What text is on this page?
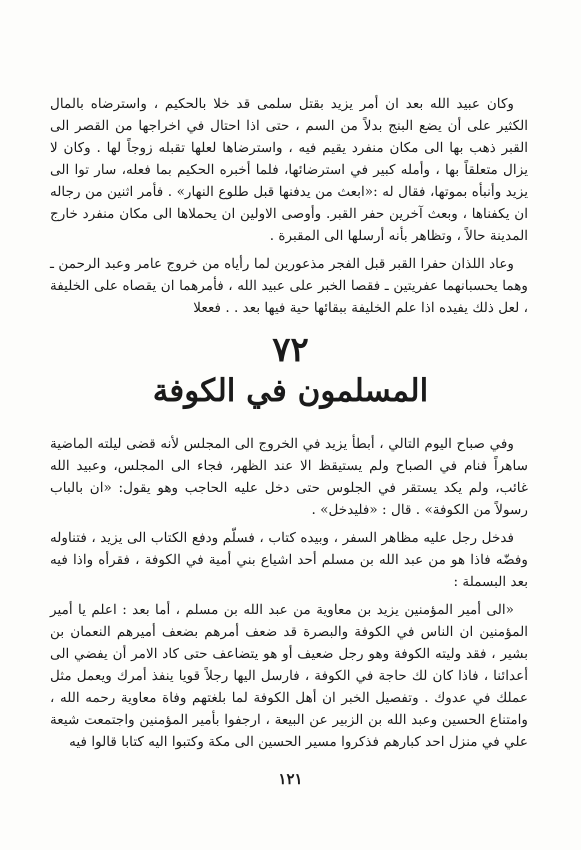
وكان عبيد الله بعد ان أمر يزيد بقتل سلمى قد خلا بالحكيم ، واسترضاه بالمال الكثير على أن يضع البنج بدلاً من السم ، حتى اذا احتال في اخراجها من القصر الى القبر ذهب بها الى مكان منفرد يقيم فيه ، واسترضاها لعلها تقبله زوجاً لها . وكان لا يزال متعلقاً بها ، وأمله كبير في استرضائها، فلما أخبره الحكيم بما فعله، سار توا الى يزيد وأنبأه بموتها، فقال له :«ابعث من يدفنها قبل طلوع النهار» . فأمر اثنين من رجاله ان يكفناها ، وبعث آخرين حفر القبر. وأوصى الاولين ان يحملاها الى مكان منفرد خارج المدينة حالاً ، وتظاهر بأنه أرسلها الى المقبرة .

وعاد اللذان حفرا القبر قبل الفجر مذعورين لما رأياه من خروج عامر وعبد الرحمن ـ وهما يحسبانهما عفريتين ـ فقصا الخبر على عبيد الله ، فأمرهما ان يقصاه على الخليفة ، لعل ذلك يفيده اذا علم الخليفة ببقائها حية فيها بعد . . فععلا

٧٢
المسلمون في الكوفة

وفي صباح اليوم التالي ، أبطأ يزيد في الخروج الى المجلس لأنه قضى ليلته الماضية ساهراً فنام في الصباح ولم يستيقظ الا عند الظهر، فجاء الى المجلس، وعبيد الله غائب، ولم يكد يستقر في الجلوس حتى دخل عليه الحاجب وهو يقول: «ان بالباب رسولاً من الكوفة» . قال : «فليدخل» .

فدخل رجل عليه مظاهر السفر ، وبيده كتاب ، فسلّم ودفع الكتاب الى يزيد ، فتناوله وفضّه فاذا هو من عبد الله بن مسلم أحد اشياع بني أمية في الكوفة ، فقرأه واذا فيه بعد البسملة :

«الى أمير المؤمنين يزيد بن معاوية من عبد الله بن مسلم ، أما بعد : اعلم يا أمير المؤمنين ان الناس في الكوفة والبصرة قد ضعف أمرهم بضعف أميرهم النعمان بن بشير ، فقد وليته الكوفة وهو رجل ضعيف أو هو يتضاعف حتى كاد الامر أن يفضي الى أعدائنا ، فاذا كان لك حاجة في الكوفة ، فارسل اليها رجلاً قويا ينفذ أمرك ويعمل مثل عملك في عدوك . وتفصيل الخبر ان أهل الكوفة لما بلغتهم وفاة معاوية رحمه الله ، وامتناع الحسين وعبد الله بن الزبير عن البيعة ، ارجفوا بأمير المؤمنين واجتمعت شيعة علي في منزل احد كبارهم فذكروا مسير الحسين الى مكة وكتبوا اليه كتابا قالوا فيه

١٢١
